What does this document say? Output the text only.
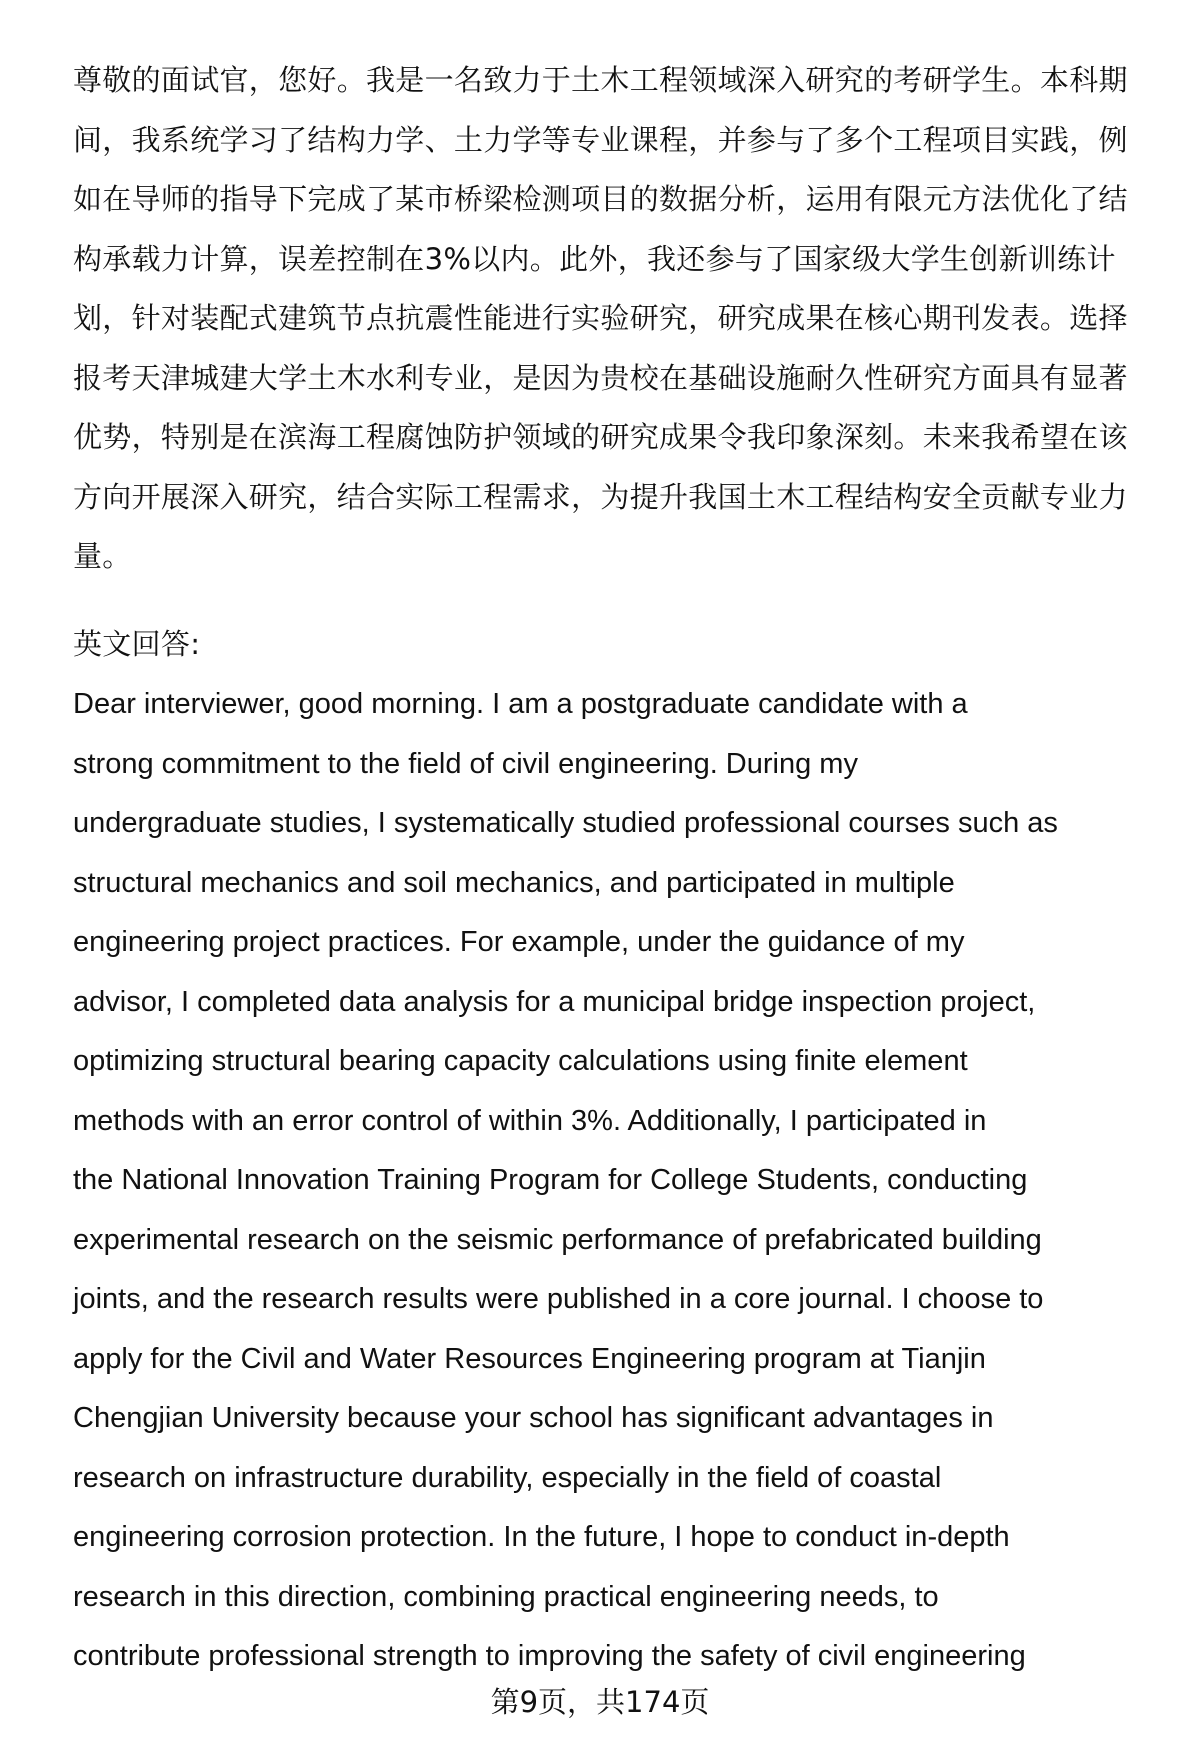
尊敬的面试官，您好。我是一名致力于土木工程领域深入研究的考研学生。本科期
间，我系统学习了结构力学、土力学等专业课程，并参与了多个工程项目实践，例
如在导师的指导下完成了某市桥梁检测项目的数据分析，运用有限元方法优化了结
构承载力计算，误差控制在3%以内。此外，我还参与了国家级大学生创新训练计
划，针对装配式建筑节点抗震性能进行实验研究，研究成果在核心期刊发表。选择
报考天津城建大学土木水利专业，是因为贵校在基础设施耐久性研究方面具有显著
优势，特别是在滨海工程腐蚀防护领域的研究成果令我印象深刻。未来我希望在该
方向开展深入研究，结合实际工程需求，为提升我国土木工程结构安全贡献专业力
量。
英文回答:
Dear interviewer, good morning. I am a postgraduate candidate with a
strong commitment to the field of civil engineering. During my
undergraduate studies, I systematically studied professional courses such as
structural mechanics and soil mechanics, and participated in multiple
engineering project practices. For example, under the guidance of my
advisor, I completed data analysis for a municipal bridge inspection project,
optimizing structural bearing capacity calculations using finite element
methods with an error control of within 3%. Additionally, I participated in
the National Innovation Training Program for College Students, conducting
experimental research on the seismic performance of prefabricated building
joints, and the research results were published in a core journal. I choose to
apply for the Civil and Water Resources Engineering program at Tianjin
Chengjian University because your school has significant advantages in
research on infrastructure durability, especially in the field of coastal
engineering corrosion protection. In the future, I hope to conduct in-depth
research in this direction, combining practical engineering needs, to
contribute professional strength to improving the safety of civil engineering
第9页，共174页
